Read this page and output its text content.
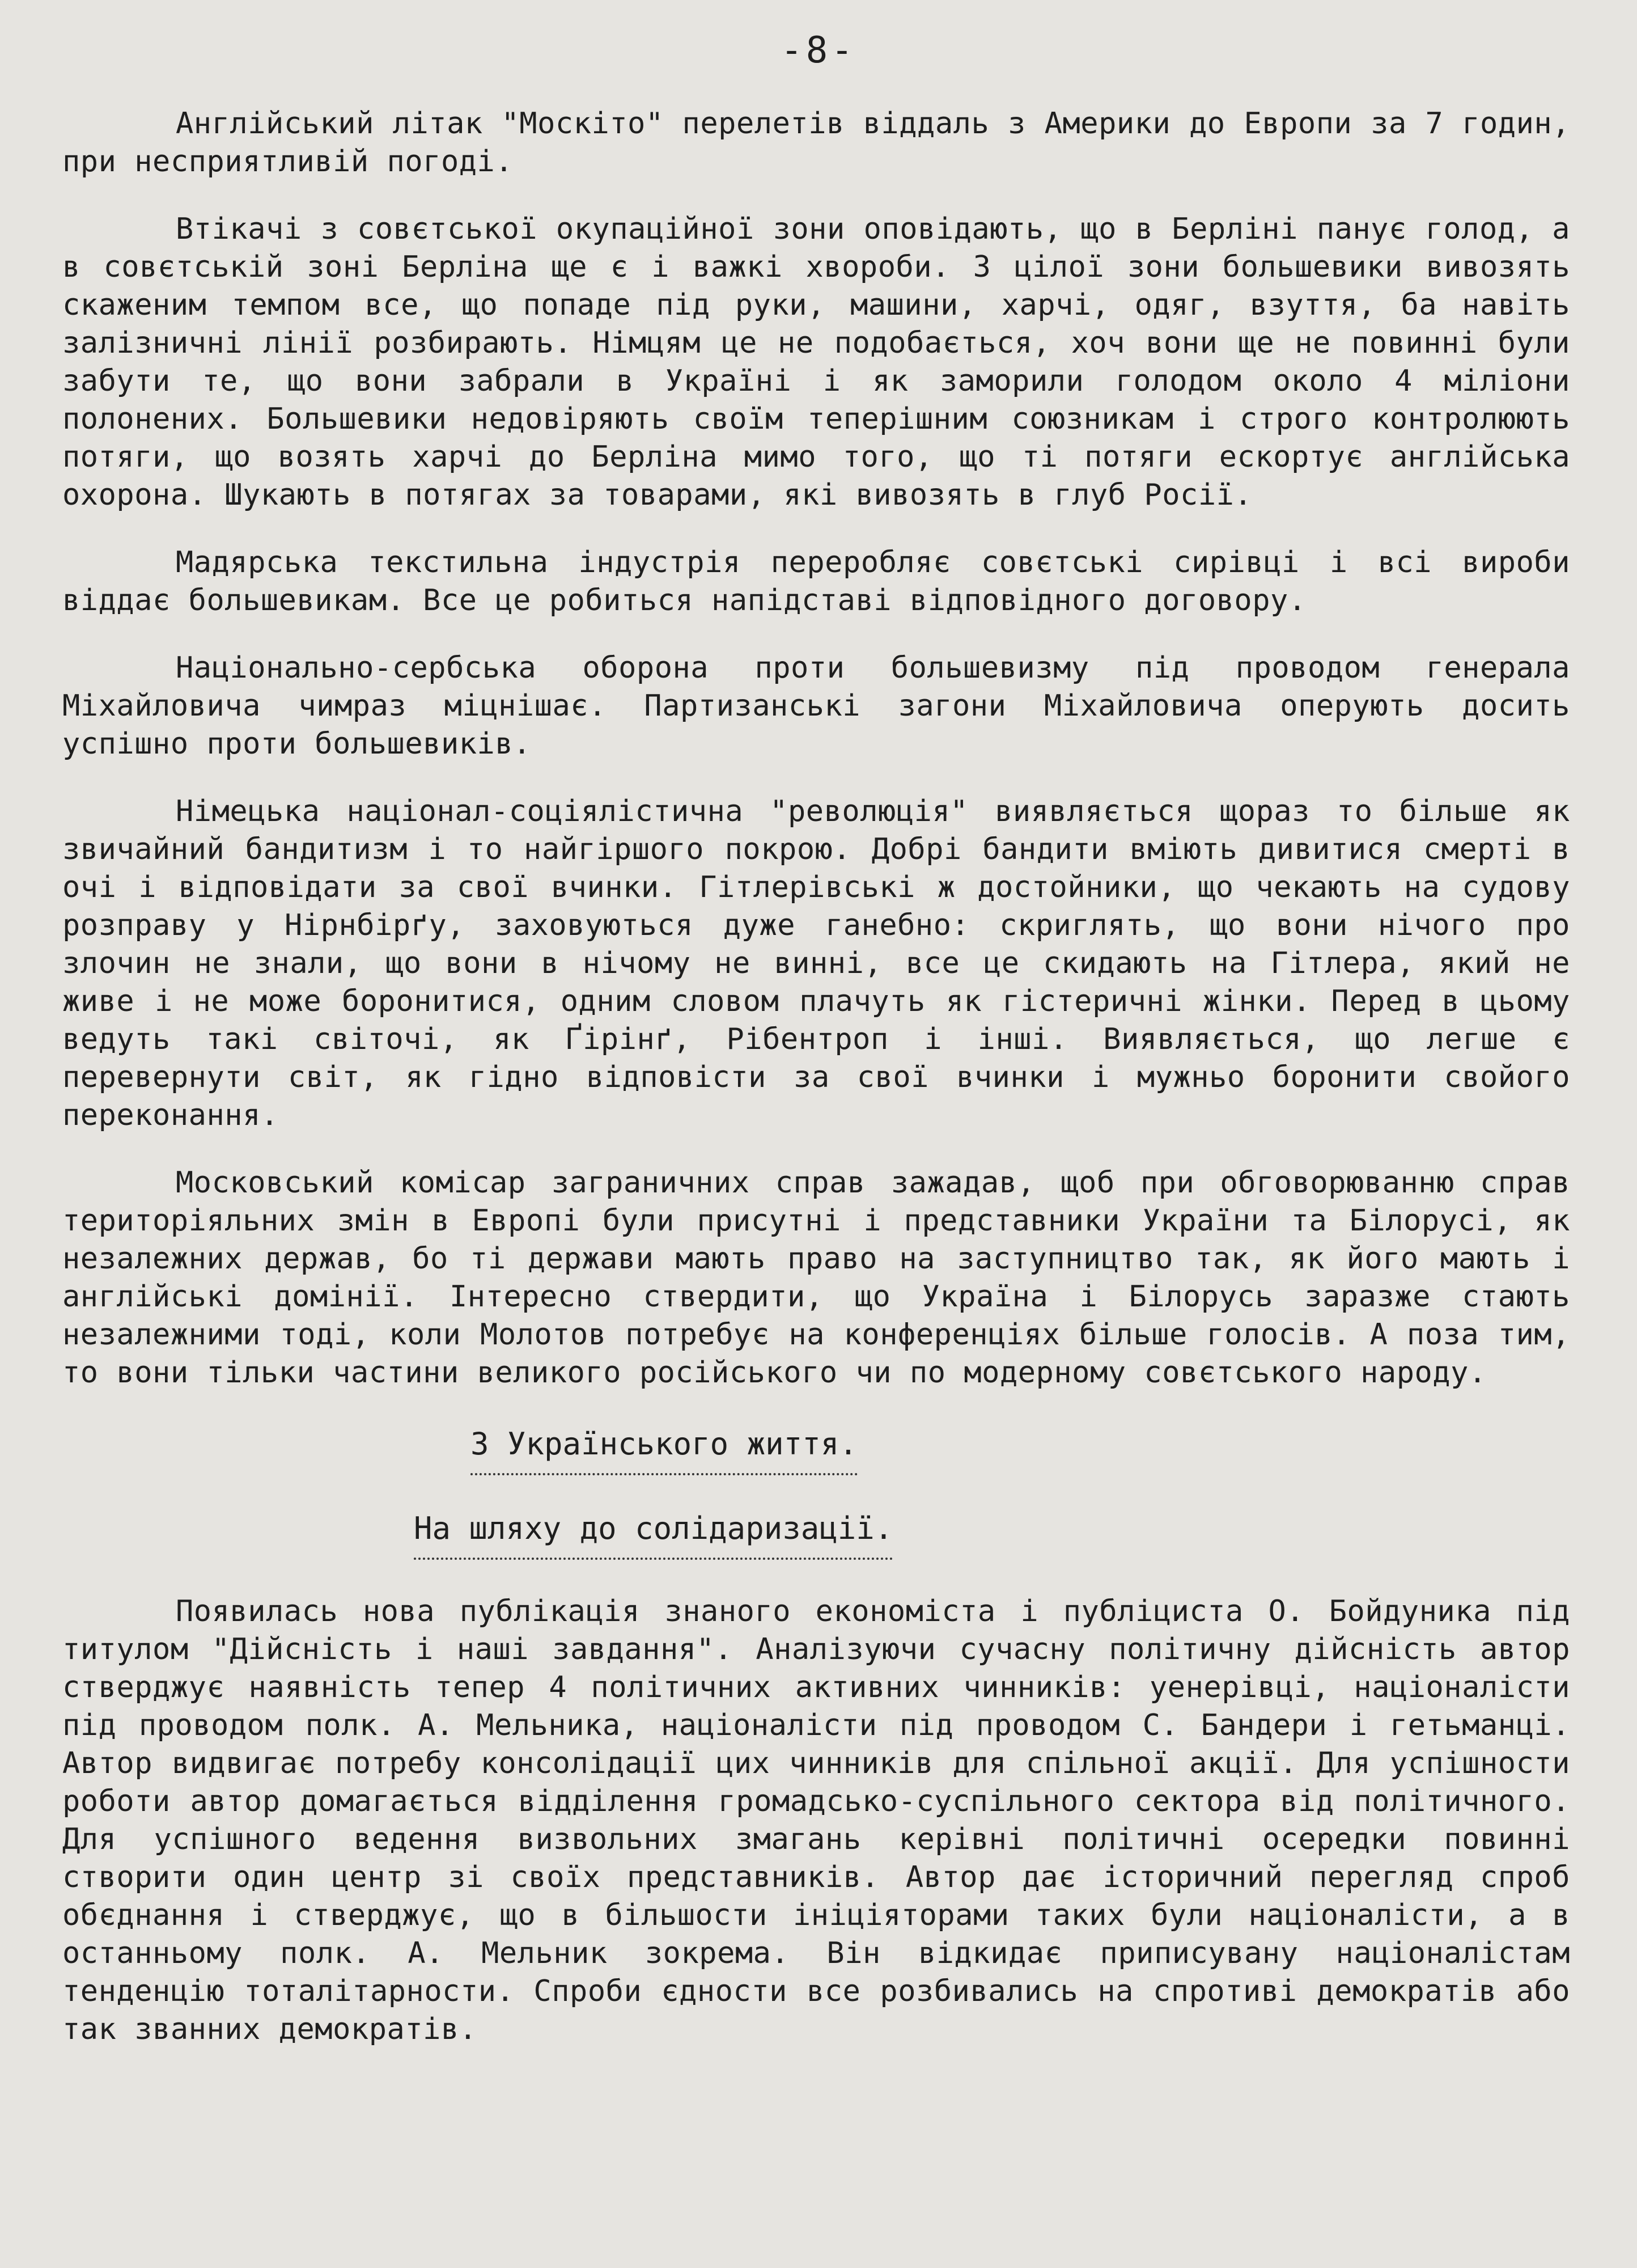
-8-

Англійський літак "Москіто" перелетів віддаль з Америки до Европи за 7 годин, при несприятливій погоді.

Втікачі з совєтської окупаційної зони оповідають, що в Берліні панує голод, а в совєтській зоні Берліна ще є і важкі хвороби. З цілої зони большевики вивозять скаженим темпом все, що попаде під руки, машини, харчі, одяг, взуття, ба навіть залізничні лінії розбирають. Німцям це не подобається, хоч вони ще не повинні були забути те, що вони забрали в Україні і як заморили голодом около 4 міліони полонених. Большевики недовіряють своїм теперішним союзникам і строго контролюють потяги, що возять харчі до Берліна мимо того, що ті потяги ескортує англійська охорона. Шукають в потягах за товарами, які вивозять в глуб Росії.

Мадярська текстильна індустрія переробляє совєтські сирівці і всі вироби віддає большевикам. Все це робиться напідставі відповідного договору.

Національно-сербська оборона проти большевизму під проводом генерала Міхайловича чимраз міцнішає. Партизанські загони Міхайловича оперують досить успішно проти большевиків.

Німецька націонал-соціялістична "революція" виявляється щораз то більше як звичайний бандитизм і то найгіршого покрою. Добрі бандити вміють дивитися смерті в очі і відповідати за свої вчинки. Гітлерівські ж достойники, що чекають на судову розправу у Нірнбірґу, заховуються дуже ганебно: скриглять, що вони нічого про злочин не знали, що вони в нічому не винні, все це скидають на Гітлера, який не живе і не може боронитися, одним словом плачуть як гістеричні жінки. Перед в цьому ведуть такі світочі, як Ґірінґ, Рібентроп і інші. Виявляється, що легше є перевернути світ, як гідно відповісти за свої вчинки і мужньо боронити свойого переконання.

Московський комісар заграничних справ зажадав, щоб при обговорюванню справ територіяльних змін в Европі були присутні і представники України та Білорусі, як незалежних держав, бо ті держави мають право на заступництво так, як його мають і англійські домінії. Інтересно ствердити, що Україна і Білорусь заразже стають незалежними тоді, коли Молотов потребує на конференціях більше голосів. А поза тим, то вони тільки частини великого російського чи по модерному совєтського народу.

З Українського життя.
На шляху до солідаризації.

Появилась нова публікація знаного економіста і публіциста О. Бойдуника під титулом "Дійсність і наші завдання". Аналізуючи сучасну політичну дійсність автор стверджує наявність тепер 4 політичних активних чинників: уенерівці, націоналісти під проводом полк. А. Мельника, націоналісти під проводом С. Бандери і гетьманці. Автор видвигає потребу консолідації цих чинників для спільної акції. Для успішности роботи автор домагається відділення громадсько-суспільного сектора від політичного. Для успішного ведення визвольних змагань керівні політичні осередки повинні створити один центр зі своїх представників. Автор дає історичний перегляд спроб обєднання і стверджує, що в більшости ініціяторами таких були націоналісти, а в останньому полк. А. Мельник зокрема. Він відкидає приписувану націоналістам тенденцію тоталітарности. Спроби єдности все розбивались на спротиві демократів або так званних демократів.
